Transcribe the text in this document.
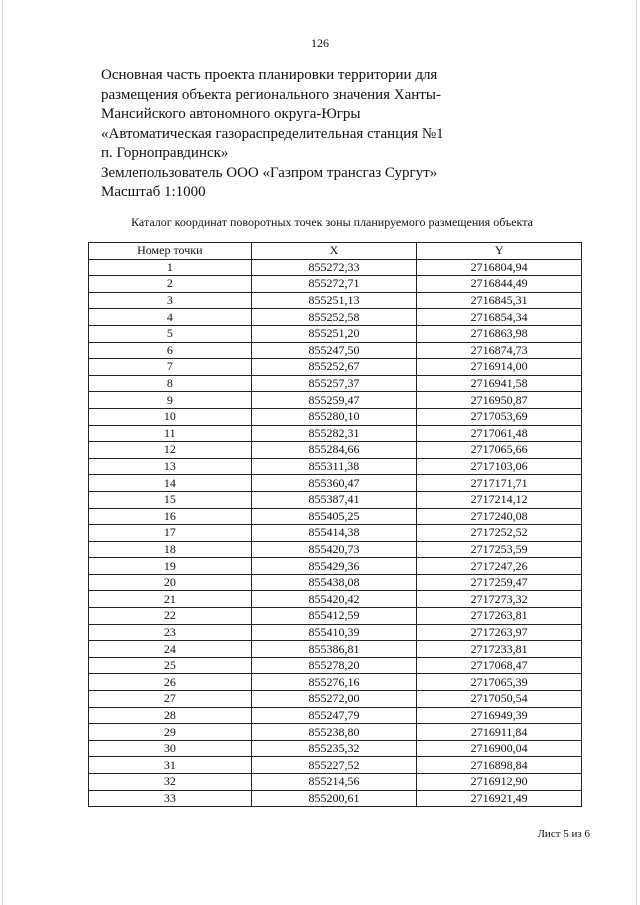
126
Основная часть проекта планировки территории для
размещения объекта регионального значения Ханты-
Мансийского автономного округа-Югры
«Автоматическая газораспределительная станция №1
п. Горноправдинск»
Землепользователь ООО «Газпром трансгаз Сургут»
Масштаб 1:1000
Каталог координат поворотных точек зоны планируемого размещения объекта
Номер точки	X	Y
1	855272,33	2716804,94
2	855272,71	2716844,49
3	855251,13	2716845,31
4	855252,58	2716854,34
5	855251,20	2716863,98
6	855247,50	2716874,73
7	855252,67	2716914,00
8	855257,37	2716941,58
9	855259,47	2716950,87
10	855280,10	2717053,69
11	855282,31	2717061,48
12	855284,66	2717065,66
13	855311,38	2717103,06
14	855360,47	2717171,71
15	855387,41	2717214,12
16	855405,25	2717240,08
17	855414,38	2717252,52
18	855420,73	2717253,59
19	855429,36	2717247,26
20	855438,08	2717259,47
21	855420,42	2717273,32
22	855412,59	2717263,81
23	855410,39	2717263,97
24	855386,81	2717233,81
25	855278,20	2717068,47
26	855276,16	2717065,39
27	855272,00	2717050,54
28	855247,79	2716949,39
29	855238,80	2716911,84
30	855235,32	2716900,04
31	855227,52	2716898,84
32	855214,56	2716912,90
33	855200,61	2716921,49
Лист 5 из 6
